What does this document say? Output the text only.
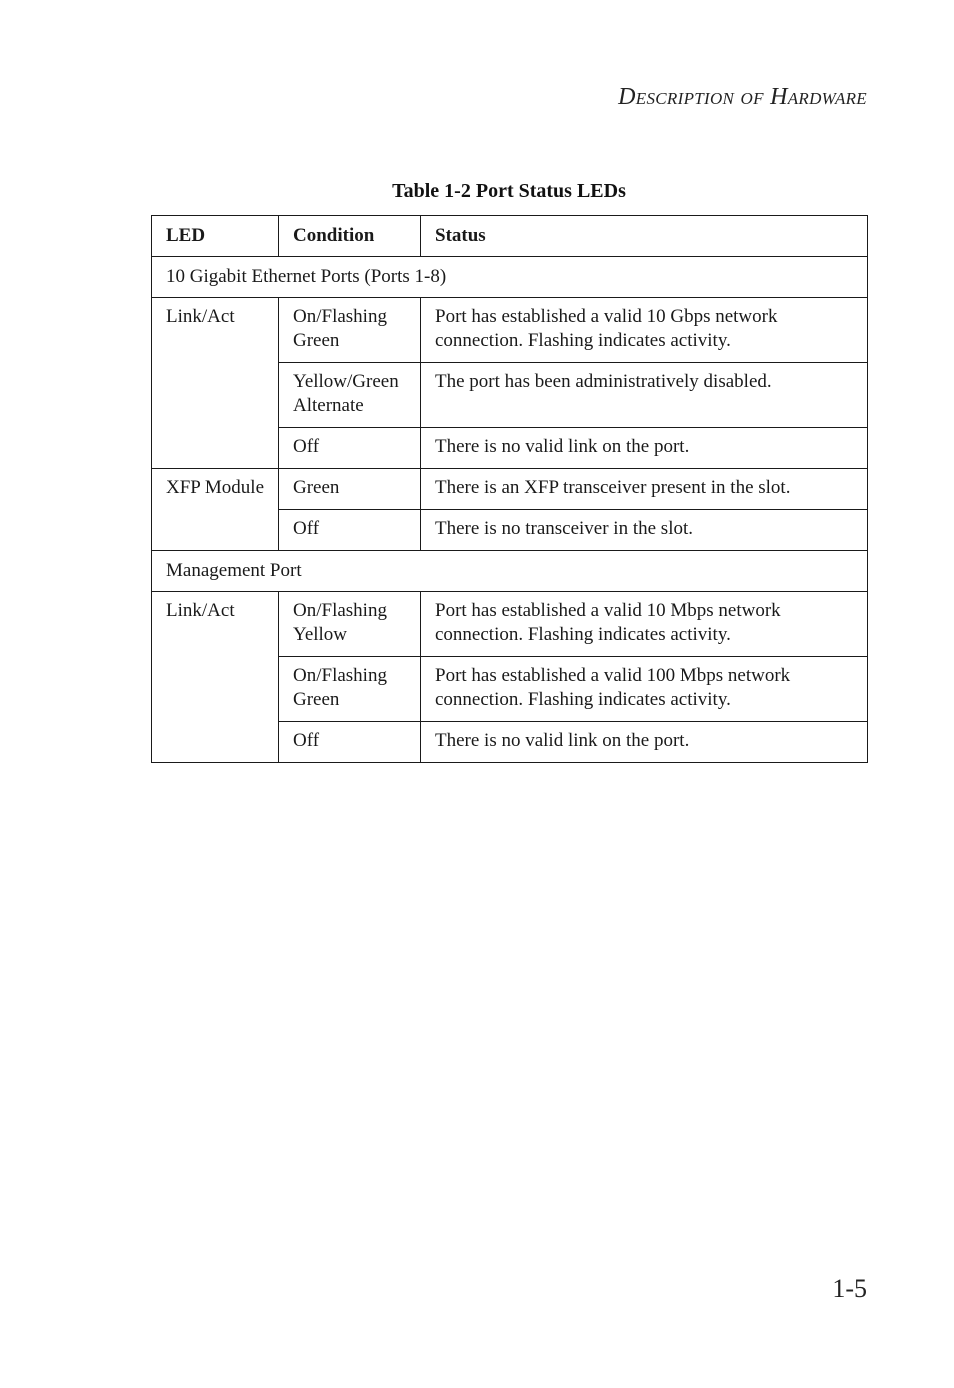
DESCRIPTION OF HARDWARE
Table 1-2 Port Status LEDs
LED	Condition	Status
10 Gigabit Ethernet Ports (Ports 1-8)		
Link/Act	On/Flashing Green	Port has established a valid 10 Gbps network connection. Flashing indicates activity.
	Yellow/Green Alternate	The port has been administratively disabled.
	Off	There is no valid link on the port.
XFP Module	Green	There is an XFP transceiver present in the slot.
	Off	There is no transceiver in the slot.
Management Port		
Link/Act	On/Flashing Yellow	Port has established a valid 10 Mbps network connection. Flashing indicates activity.
	On/Flashing Green	Port has established a valid 100 Mbps network connection. Flashing indicates activity.
	Off	There is no valid link on the port.
1-5
